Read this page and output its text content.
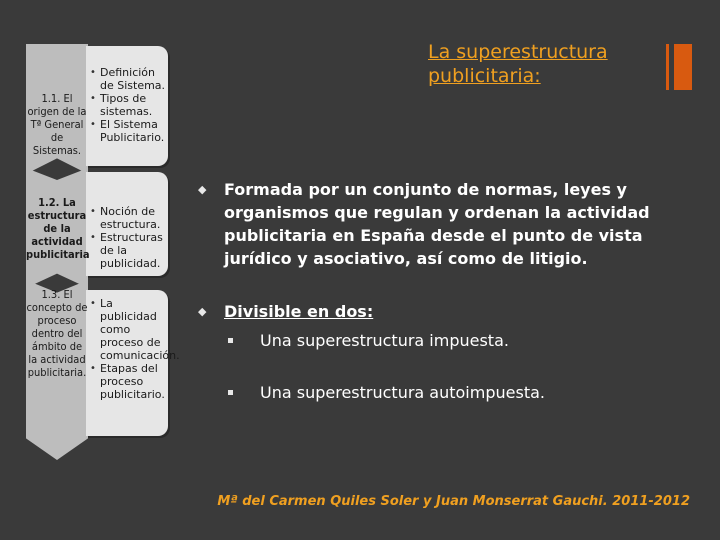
1.1. El origen de la Tª General de Sistemas.
1.2. La estructura de la actividad publicitaria
1.3. El concepto de proceso dentro del ámbito de la actividad publicitaria.
• Definición de Sistema.
• Tipos de sistemas.
• El Sistema Publicitario.
• Noción de estructura.
• Estructuras de la publicidad.
• La publicidad como proceso de comunicación.
• Etapas del proceso publicitario.
La superestructura publicitaria:
◆ Formada por un conjunto de normas, leyes y organismos que regulan y ordenan la actividad publicitaria en España desde el punto de vista jurídico y asociativo, así como de litigio.
◆ Divisible en dos:
Una superestructura impuesta.
Una superestructura autoimpuesta.
Mª del Carmen Quiles Soler y Juan Monserrat Gauchi. 2011-2012
